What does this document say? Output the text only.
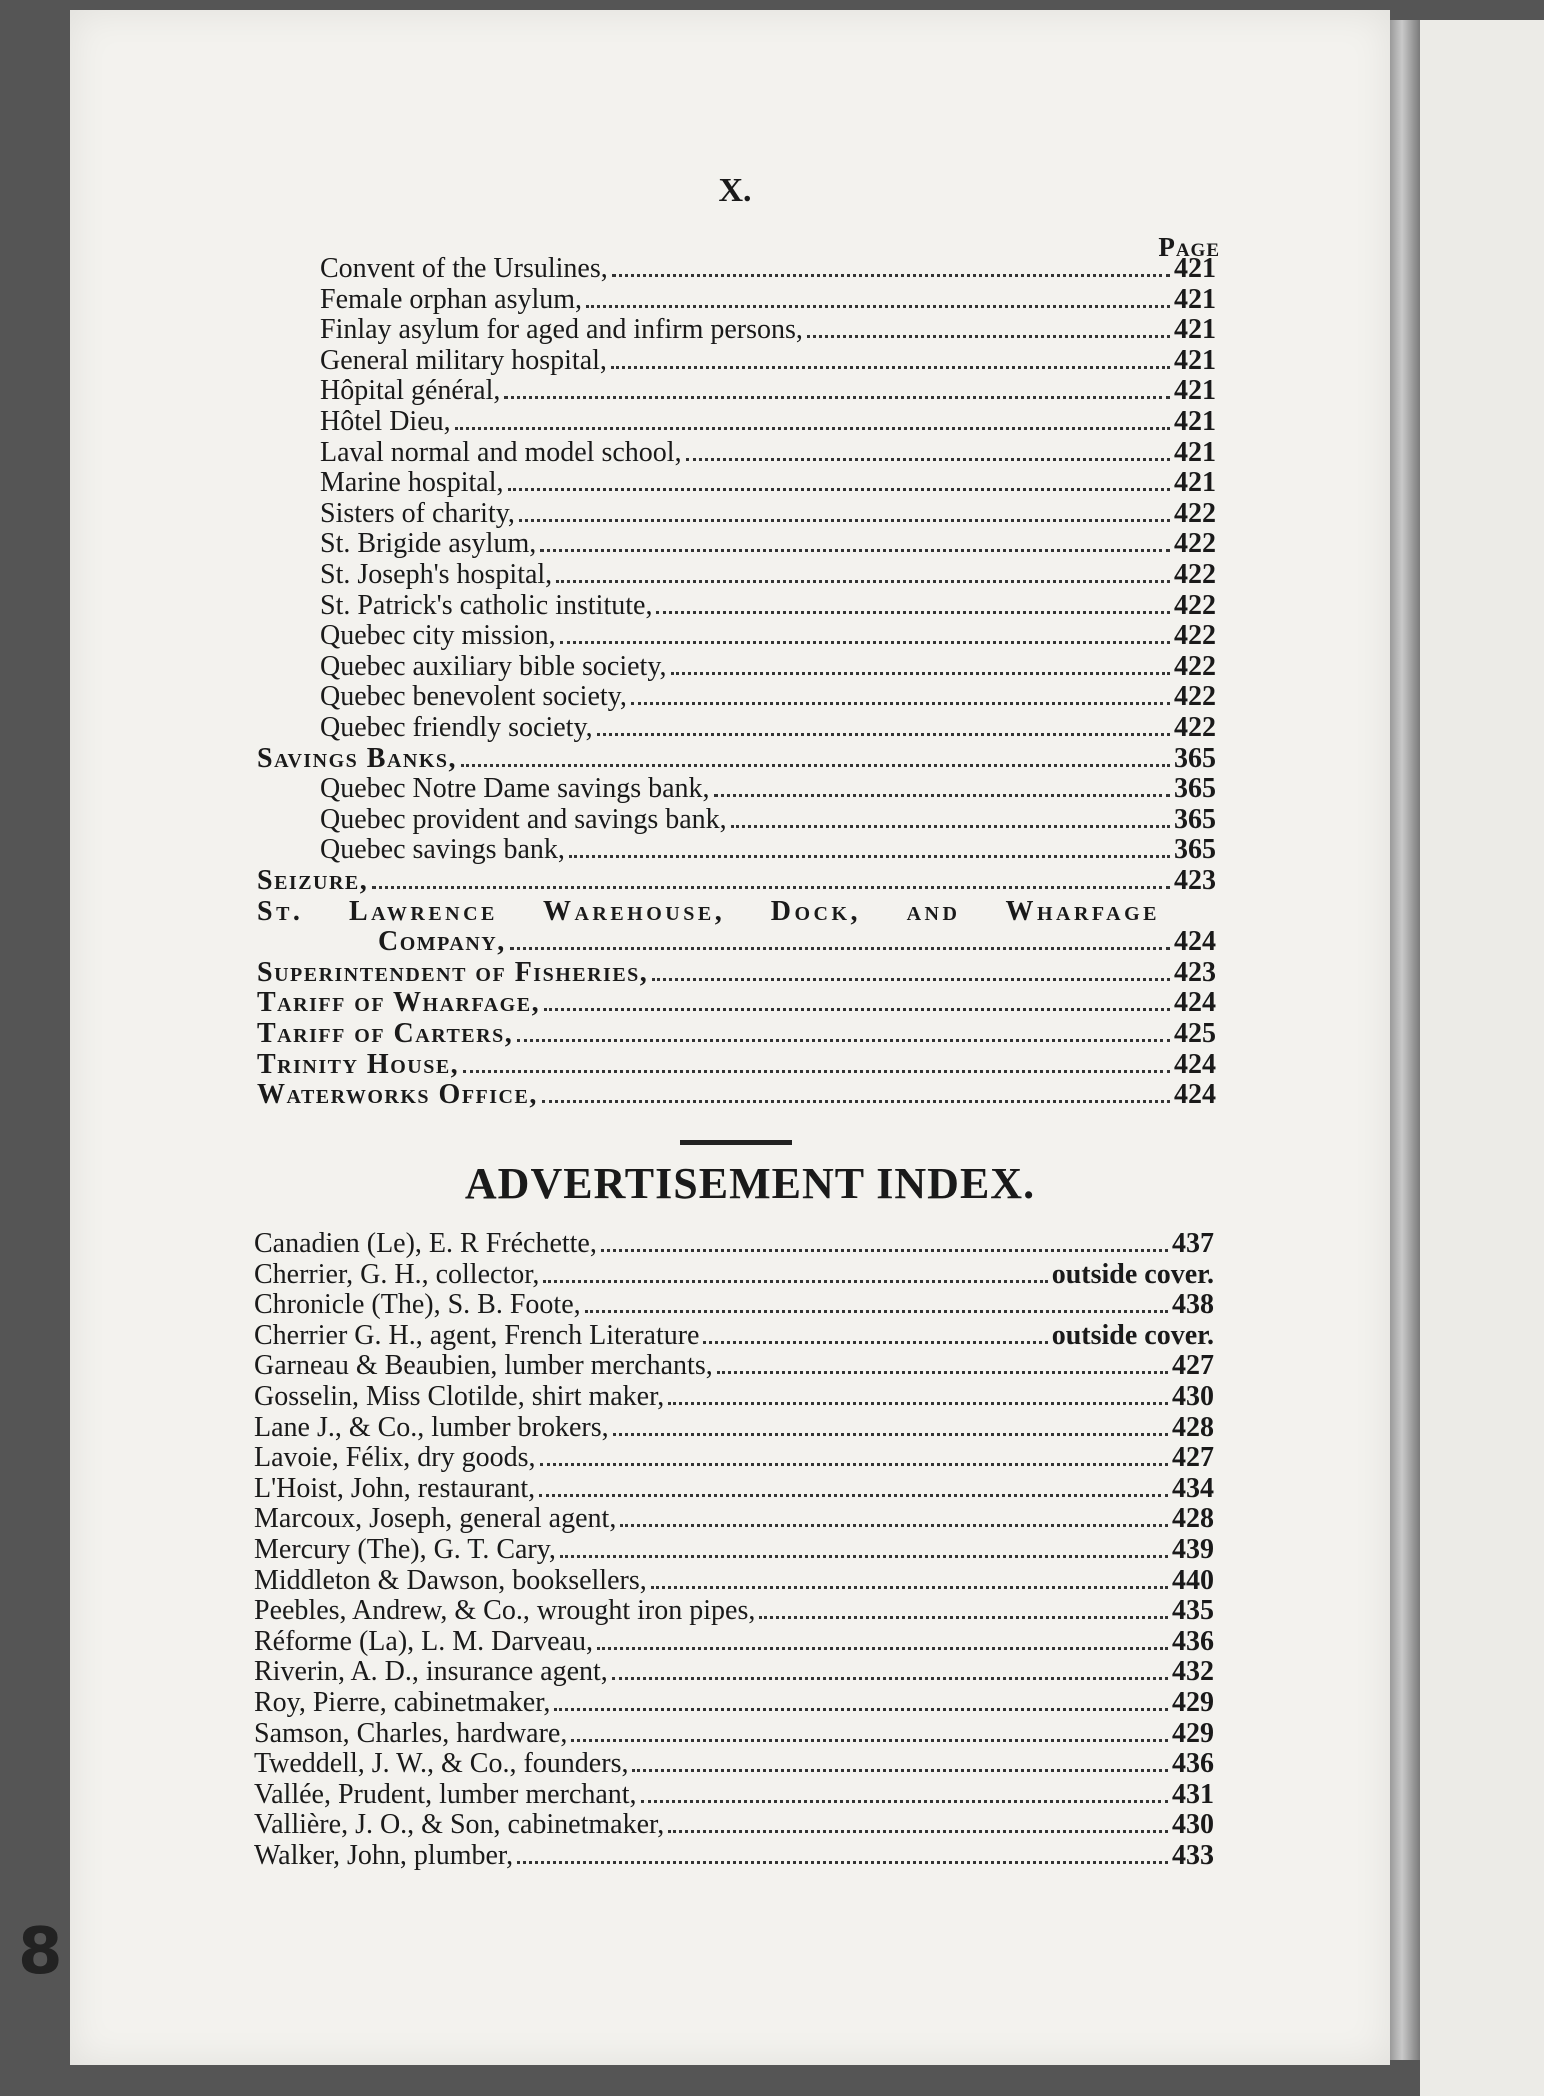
X.
Page
Convent of the Ursulines,	421
Female orphan asylum,	421
Finlay asylum for aged and infirm persons,	421
General military hospital,	421
Hôpital général,	421
Hôtel Dieu,	421
Laval normal and model school,	421
Marine hospital,	421
Sisters of charity,	422
St. Brigide asylum,	422
St. Joseph's hospital,	422
St. Patrick's catholic institute,	422
Quebec city mission,	422
Quebec auxiliary bible society,	422
Quebec benevolent society,	422
Quebec friendly society,	422
Savings Banks,	365
Quebec Notre Dame savings bank,	365
Quebec provident and savings bank,	365
Quebec savings bank,	365
Seizure,	423
St. Lawrence Warehouse, Dock, and Wharfage
Company,	424
Superintendent of Fisheries,	423
Tariff of Wharfage,	424
Tariff of Carters,	425
Trinity House,	424
Waterworks Office,	424
ADVERTISEMENT INDEX.
Canadien (Le), E. R Fréchette,	437
Cherrier, G. H., collector,	outside cover.
Chronicle (The), S. B. Foote,	438
Cherrier G. H., agent, French Literature	outside cover.
Garneau & Beaubien, lumber merchants,	427
Gosselin, Miss Clotilde, shirt maker,	430
Lane J., & Co., lumber brokers,	428
Lavoie, Félix, dry goods,	427
L'Hoist, John, restaurant,	434
Marcoux, Joseph, general agent,	428
Mercury (The), G. T. Cary,	439
Middleton & Dawson, booksellers,	440
Peebles, Andrew, & Co., wrought iron pipes,	435
Réforme (La), L. M. Darveau,	436
Riverin, A. D., insurance agent,	432
Roy, Pierre, cabinetmaker,	429
Samson, Charles, hardware,	429
Tweddell, J. W., & Co., founders,	436
Vallée, Prudent, lumber merchant,	431
Vallière, J. O., & Son, cabinetmaker,	430
Walker, John, plumber,	433
8
